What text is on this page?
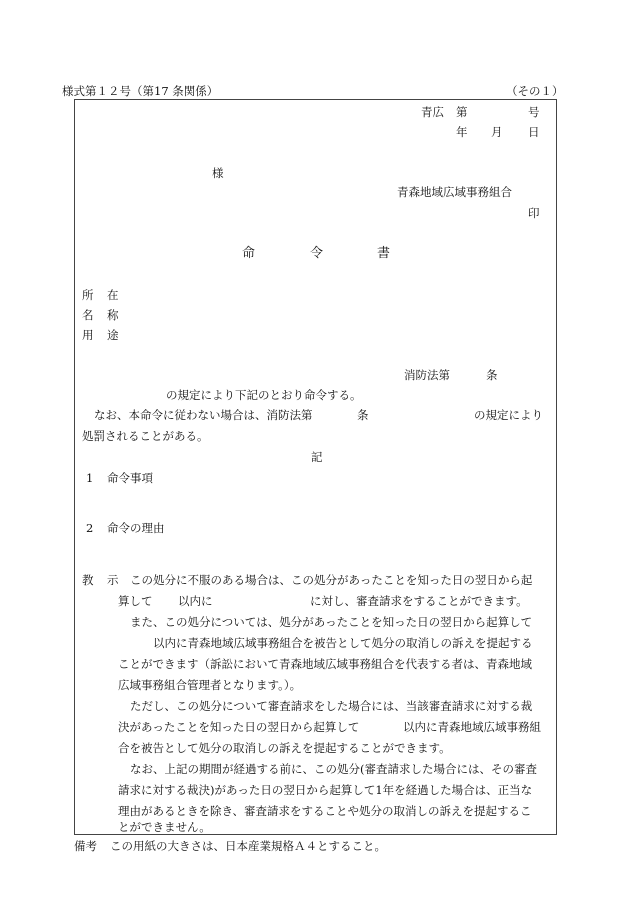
様式第１２号（第17 条関係）	（その１）
青広 第	号
年 月 日
様
青森地域広域事務組合
印
命	令	書
所 在
名 称
用 途
消防法第	条
の規定により下記のとおり命令する。
なお、本命令に従わない場合は、消防法第	条	の規定により
処罰されることがある。
記
1 命令事項
2 命令の理由
教 示 この処分に不服のある場合は、この処分があったことを知った日の翌日から起
算して 以内に	に対し、審査請求をすることができます。
また、この処分については、処分があったことを知った日の翌日から起算して
以内に青森地域広域事務組合を被告として処分の取消しの訴えを提起する
ことができます（訴訟において青森地域広域事務組合を代表する者は、青森地域
広域事務組合管理者となります。）。
ただし、この処分について審査請求をした場合には、当該審査請求に対する裁
決があったことを知った日の翌日から起算して	以内に青森地域広域事務組
合を被告として処分の取消しの訴えを提起することができます。
なお、上記の期間が経過する前に、この処分(審査請求した場合には、その審査
請求に対する裁決)があった日の翌日から起算して1年を経過した場合は、正当な
理由があるときを除き、審査請求をすることや処分の取消しの訴えを提起するこ
とができません。
備考 この用紙の大きさは、日本産業規格Ａ４とすること。
